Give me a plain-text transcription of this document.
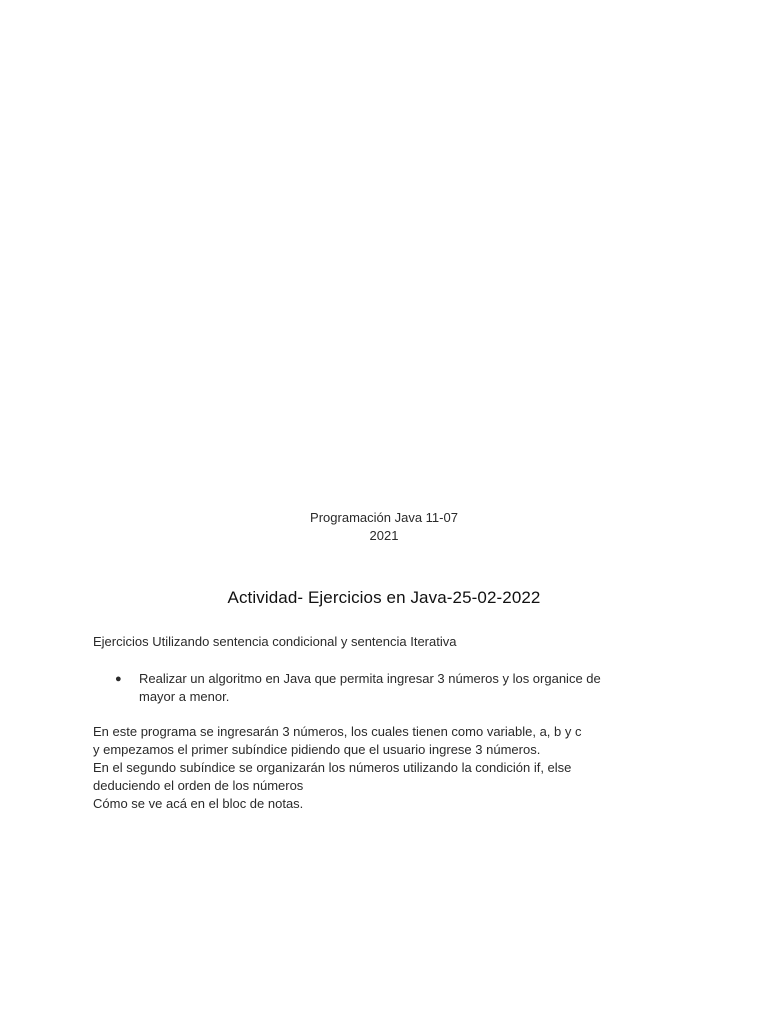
Programación Java 11-07
2021
Actividad- Ejercicios en Java-25-02-2022
Ejercicios Utilizando sentencia condicional y sentencia Iterativa
● Realizar un algoritmo en Java que permita ingresar 3 números y los organice de
mayor a menor.
En este programa se ingresarán 3 números, los cuales tienen como variable, a, b y c
y empezamos el primer subíndice pidiendo que el usuario ingrese 3 números.
En el segundo subíndice se organizarán los números utilizando la condición if, else
deduciendo el orden de los números
Cómo se ve acá en el bloc de notas.
